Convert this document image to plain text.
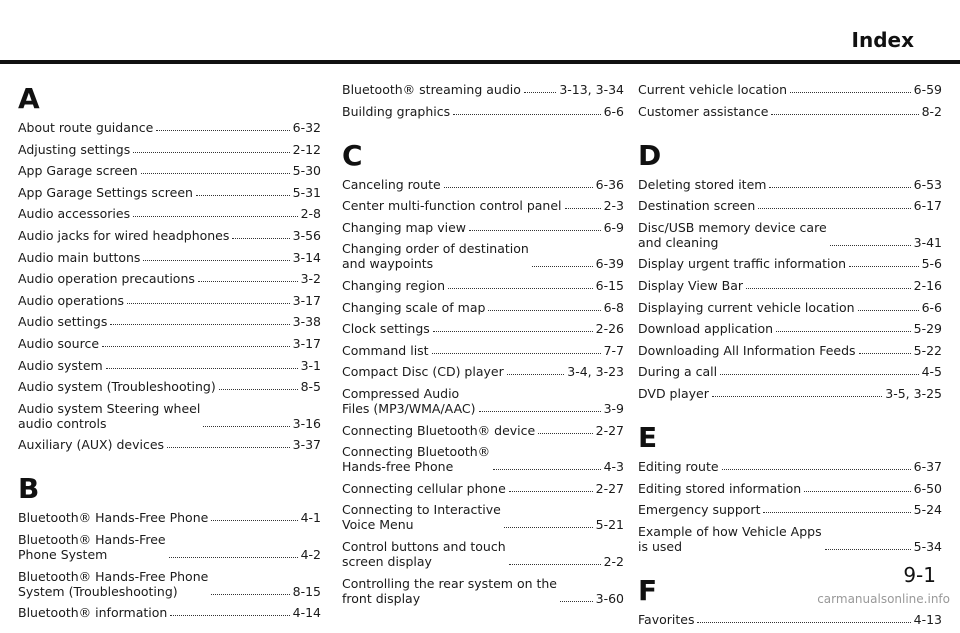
Index
A
About route guidance	6-32
Adjusting settings	2-12
App Garage screen	5-30
App Garage Settings screen	5-31
Audio accessories	2-8
Audio jacks for wired headphones	3-56
Audio main buttons	3-14
Audio operation precautions	3-2
Audio operations	3-17
Audio settings	3-38
Audio source	3-17
Audio system	3-1
Audio system (Troubleshooting)	8-5
Audio system Steering wheel
audio controls	3-16
Auxiliary (AUX) devices	3-37
B
Bluetooth® Hands-Free Phone	4-1
Bluetooth® Hands-Free
Phone System	4-2
Bluetooth® Hands-Free Phone
System (Troubleshooting)	8-15
Bluetooth® information	4-14
Bluetooth® streaming audio	3-13, 3-34
Building graphics	6-6
C
Canceling route	6-36
Center multi-function control panel	2-3
Changing map view	6-9
Changing order of destination
and waypoints	6-39
Changing region	6-15
Changing scale of map	6-8
Clock settings	2-26
Command list	7-7
Compact Disc (CD) player	3-4, 3-23
Compressed Audio
Files (MP3/WMA/AAC)	3-9
Connecting Bluetooth® device	2-27
Connecting Bluetooth®
Hands-free Phone	4-3
Connecting cellular phone	2-27
Connecting to Interactive
Voice Menu	5-21
Control buttons and touch
screen display	2-2
Controlling the rear system on the
front display	3-60
Current vehicle location	6-59
Customer assistance	8-2
D
Deleting stored item	6-53
Destination screen	6-17
Disc/USB memory device care
and cleaning	3-41
Display urgent traffic information	5-6
Display View Bar	2-16
Displaying current vehicle location	6-6
Download application	5-29
Downloading All Information Feeds	5-22
During a call	4-5
DVD player	3-5, 3-25
E
Editing route	6-37
Editing stored information	6-50
Emergency support	5-24
Example of how Vehicle Apps
is used	5-34
F
Favorites	4-13
9-1
carmanualsonline.info
